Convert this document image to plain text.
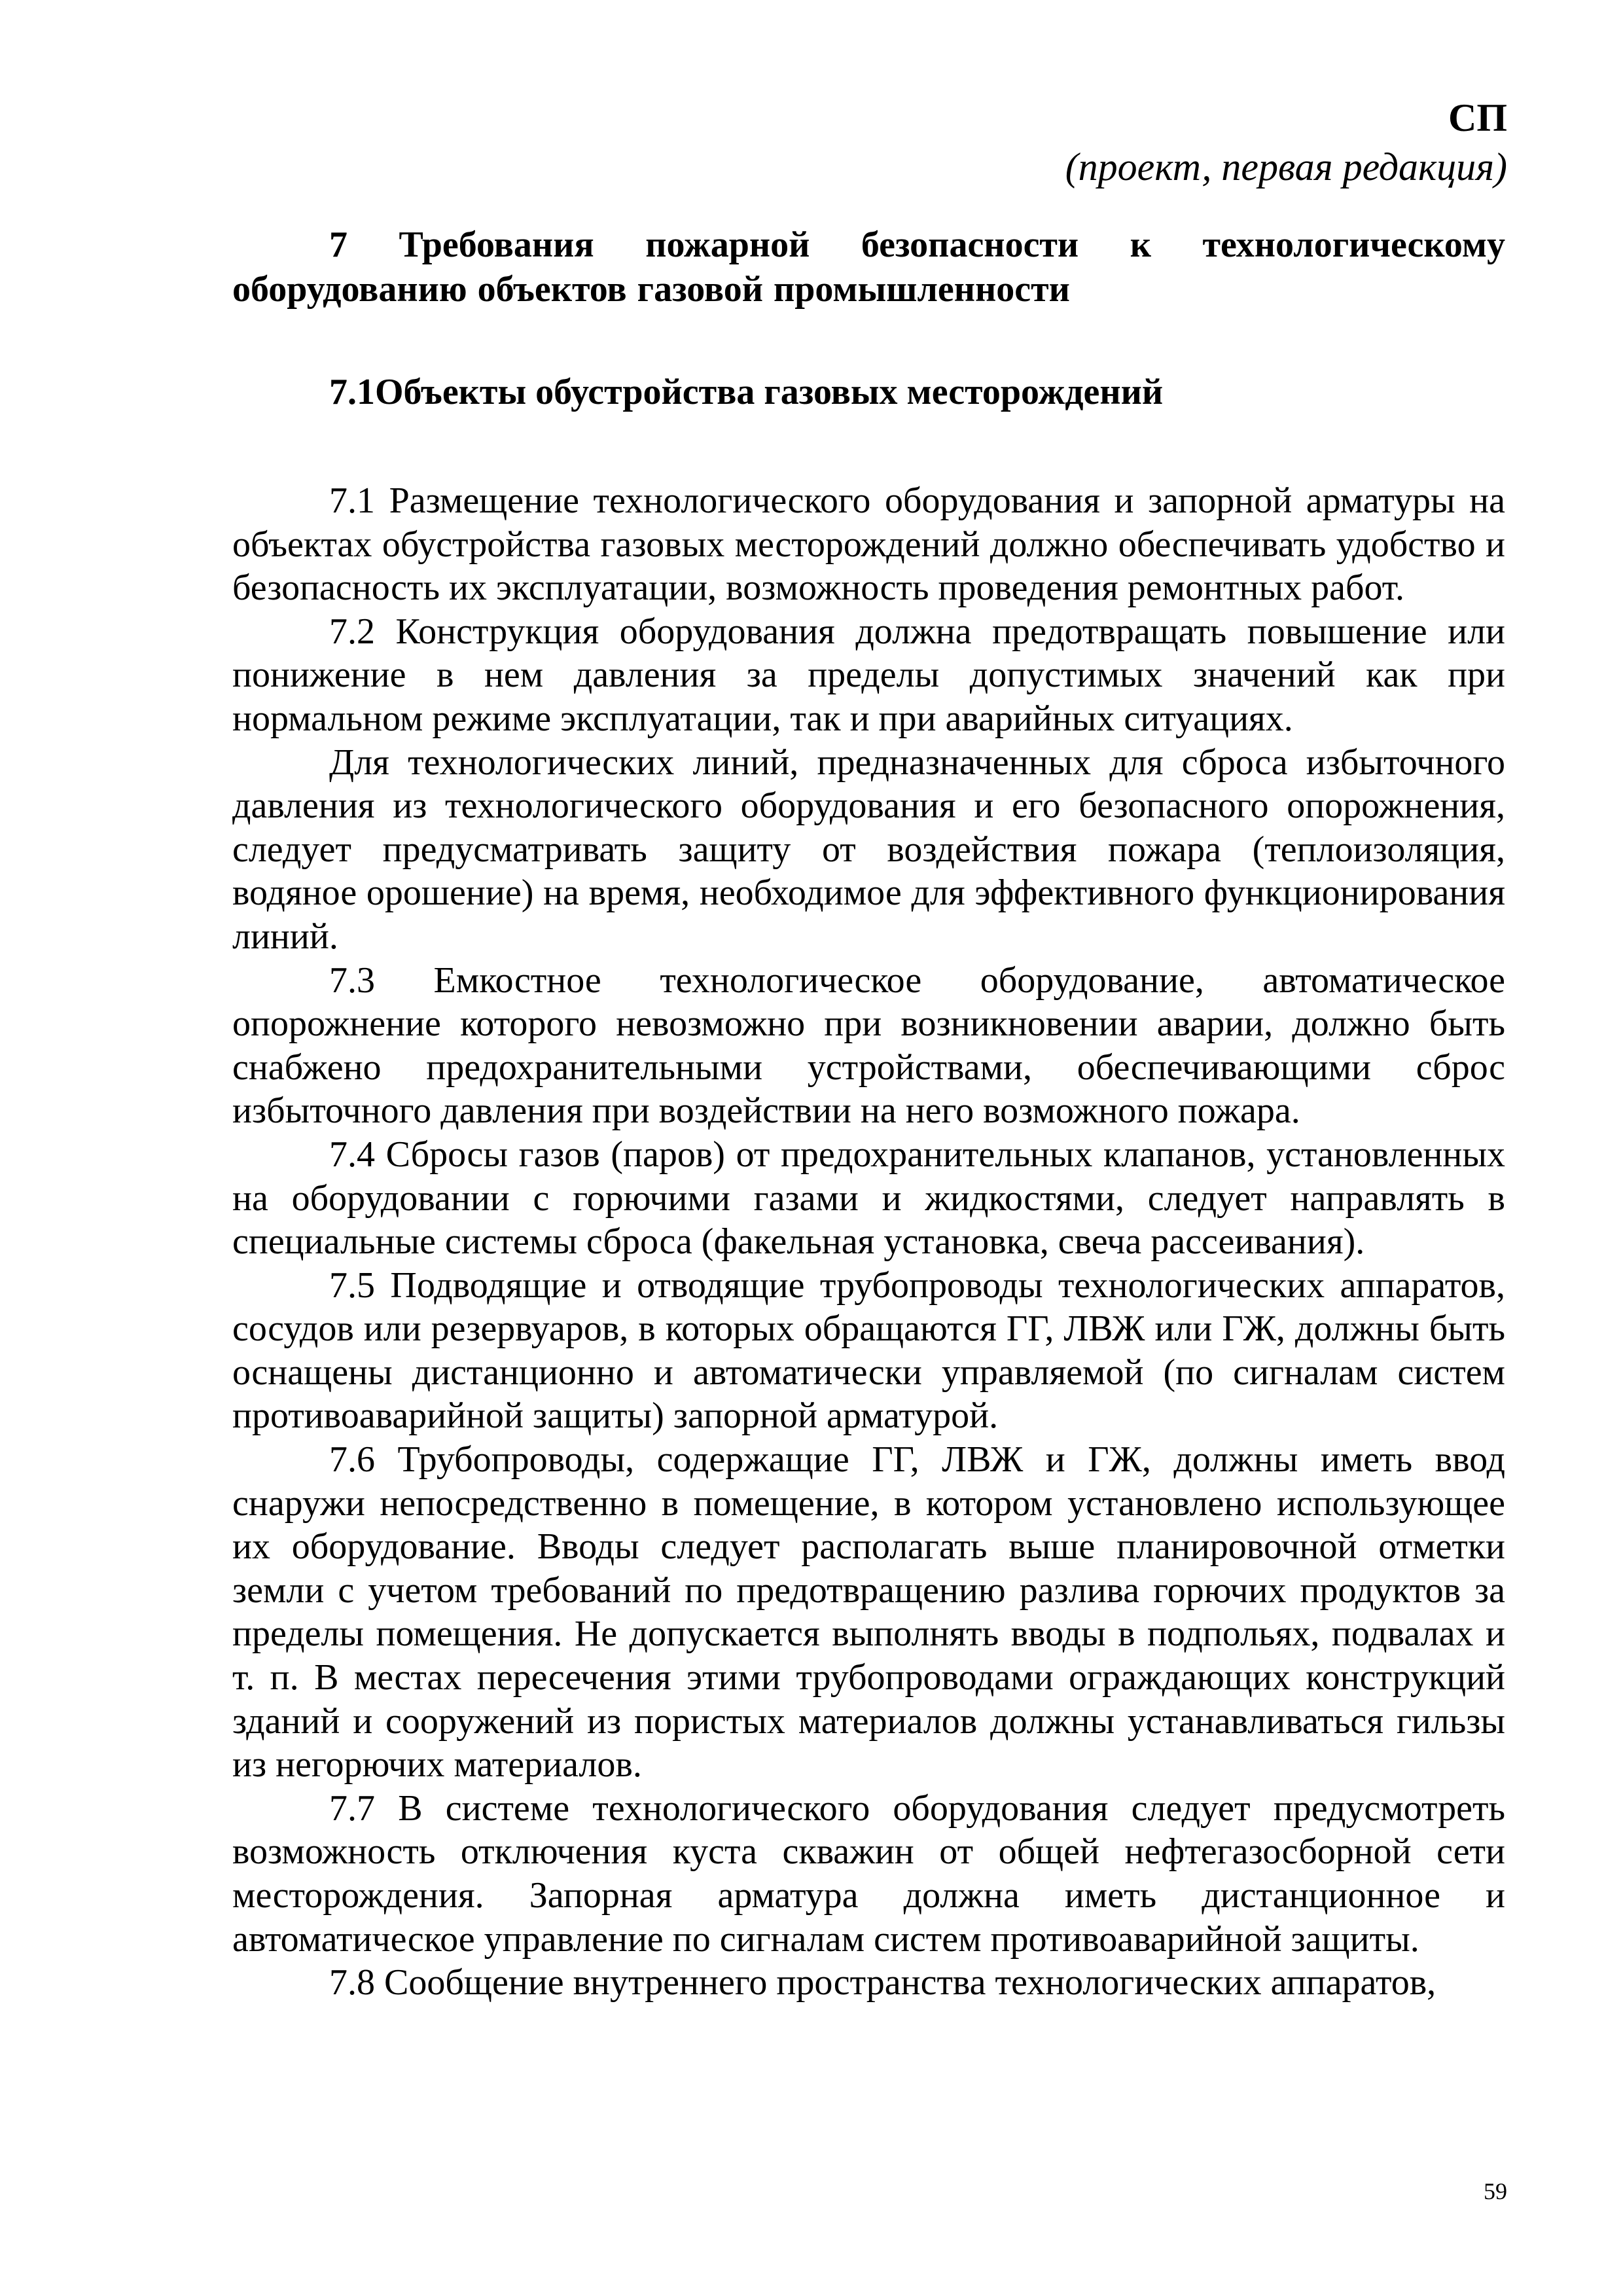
СП
(проект, первая редакция)

7 Требования пожарной безопасности к технологическому оборудованию объектов газовой промышленности

7.1Объекты обустройства газовых месторождений

7.1 Размещение технологического оборудования и запорной арматуры на объектах обустройства газовых месторождений должно обеспечивать удобство и безопасность их эксплуатации, возможность проведения ремонтных работ.

7.2 Конструкция оборудования должна предотвращать повышение или понижение в нем давления за пределы допустимых значений как при нормальном режиме эксплуатации, так и при аварийных ситуациях.

Для технологических линий, предназначенных для сброса избыточного давления из технологического оборудования и его безопасного опорожнения, следует предусматривать защиту от воздействия пожара (теплоизоляция, водяное орошение) на время, необходимое для эффективного функционирования линий.

7.3 Емкостное технологическое оборудование, автоматическое опорожнение которого невозможно при возникновении аварии, должно быть снабжено предохранительными устройствами, обеспечивающими сброс избыточного давления при воздействии на него возможного пожара.

7.4 Сбросы газов (паров) от предохранительных клапанов, установленных на оборудовании с горючими газами и жидкостями, следует направлять в специальные системы сброса (факельная установка, свеча рассеивания).

7.5 Подводящие и отводящие трубопроводы технологических аппаратов, сосудов или резервуаров, в которых обращаются ГГ, ЛВЖ или ГЖ, должны быть оснащены дистанционно и автоматически управляемой (по сигналам систем противоаварийной защиты) запорной арматурой.

7.6 Трубопроводы, содержащие ГГ, ЛВЖ и ГЖ, должны иметь ввод снаружи непосредственно в помещение, в котором установлено использующее их оборудование. Вводы следует располагать выше планировочной отметки земли с учетом требований по предотвращению разлива горючих продуктов за пределы помещения. Не допускается выполнять вводы в подпольях, подвалах и т. п. В местах пересечения этими трубопроводами ограждающих конструкций зданий и сооружений из пористых материалов должны устанавливаться гильзы из негорючих материалов.

7.7 В системе технологического оборудования следует предусмотреть возможность отключения куста скважин от общей нефтегазосборной сети месторождения. Запорная арматура должна иметь дистанционное и автоматическое управление по сигналам систем противоаварийной защиты.

7.8 Сообщение внутреннего пространства технологических аппаратов,

59
